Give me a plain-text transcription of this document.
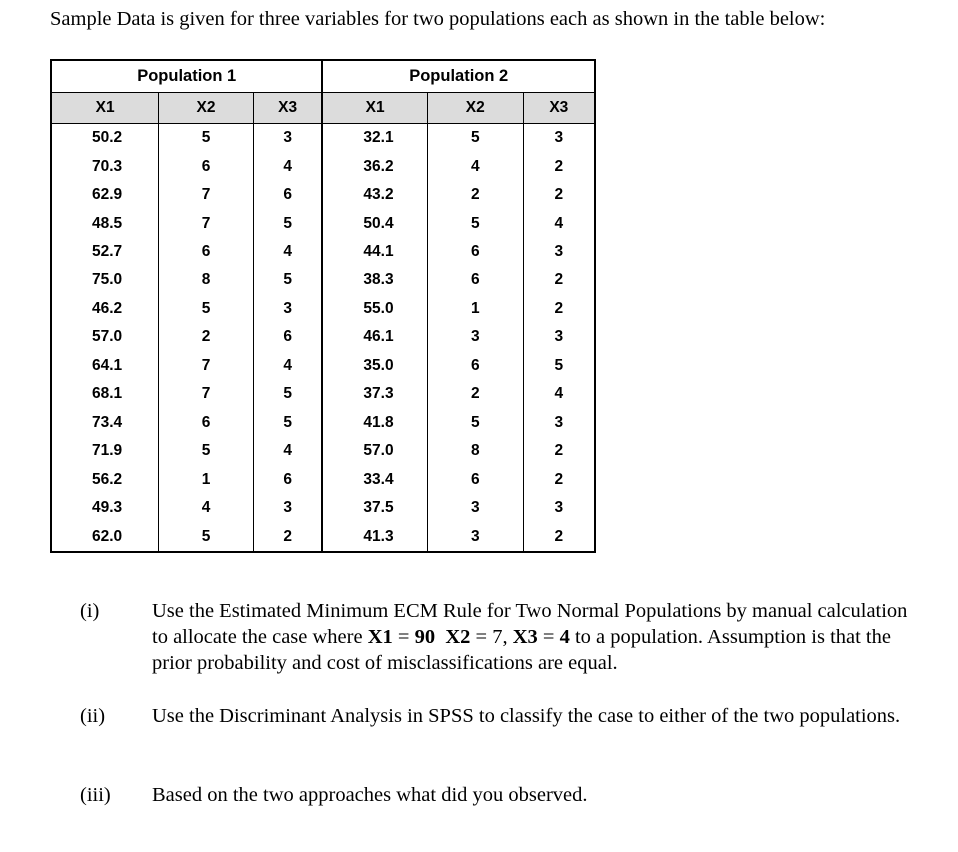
Sample Data is given for three variables for two populations each as shown in the table below:
Population 1			Population 2		
X1	X2	X3	X1	X2	X3
50.2	5	3	32.1	5	3
70.3	6	4	36.2	4	2
62.9	7	6	43.2	2	2
48.5	7	5	50.4	5	4
52.7	6	4	44.1	6	3
75.0	8	5	38.3	6	2
46.2	5	3	55.0	1	2
57.0	2	6	46.1	3	3
64.1	7	4	35.0	6	5
68.1	7	5	37.3	2	4
73.4	6	5	41.8	5	3
71.9	5	4	57.0	8	2
56.2	1	6	33.4	6	2
49.3	4	3	37.5	3	3
62.0	5	2	41.3	3	2
(i)	Use the Estimated Minimum ECM Rule for Two Normal Populations by manual calculation to allocate the case where X1 = 90 X2 = 7, X3 = 4 to a population. Assumption is that the prior probability and cost of misclassifications are equal.
(ii) Use the Discriminant Analysis in SPSS to classify the case to either of the two populations.
(iii) Based on the two approaches what did you observed.
